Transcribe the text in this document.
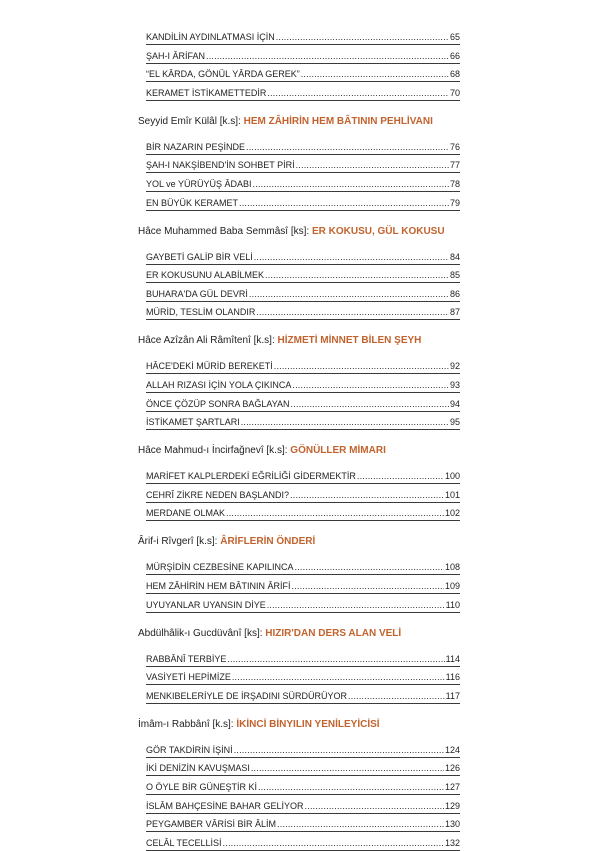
KANDİLİN AYDINLATMASI İÇİN .....	65
ŞAH-I ÂRİFAN .....	66
“EL KÂRDA, GÖNÜL YÂRDA GEREK” .....	68
KERAMET İSTİKAMETTEDİR .....	70
Seyyid Emîr Külâl [k.s]: HEM ZÂHİRİN HEM BÂTININ PEHLİVANI
BİR NAZARIN PEŞİNDE .....	76
ŞAH-I NAKŞİBEND'İN SOHBET PİRİ .....	77
YOL ve YÜRÜYÜŞ ÂDABI .....	78
EN BÜYÜK KERAMET .....	79
Hâce Muhammed Baba Semmâsî [ks]: ER KOKUSU, GÜL KOKUSU
GAYBETİ GALİP BİR VELİ .....	84
ER KOKUSUNU ALABİLMEK .....	85
BUHARA'DA GÜL DEVRİ .....	86
MÜRİD, TESLİM OLANDIR .....	87
Hâce Azîzân Ali Râmîtenî [k.s]: HİZMETİ MİNNET BİLEN ŞEYH
HÂCE'DEKİ MÜRİD BEREKETİ .....	92
ALLAH RIZASI İÇİN YOLA ÇIKINCA .....	93
ÖNCE ÇÖZÜP SONRA BAĞLAYAN .....	94
İSTİKAMET ŞARTLARI .....	95
Hâce Mahmud-ı İncirfağnevî [k.s]: GÖNÜLLER MİMARI
MARİFET KALPLERDEKİ EĞRİLİĞİ GİDERMEKTİR .....	100
CEHRÎ ZİKRE NEDEN BAŞLANDI? .....	101
MERDANE OLMAK .....	102
Ârif-i Rîvgerî [k.s]: ÂRİFLERİN ÖNDERİ
MÜRŞİDİN CEZBESİNE KAPILINCA .....	108
HEM ZÂHİRİN HEM BÂTININ ÂRİFİ .....	109
UYUYANLAR UYANSIN DİYE .....	110
Abdülhâlik-ı Gucdüvânî [ks]: HIZIR'DAN DERS ALAN VELİ
RABBÂNÎ TERBİYE .....	114
VASİYETİ HEPİMİZE .....	116
MENKIBELERİYLE DE İRŞADINI SÜRDÜRÜYOR .....	117
İmâm-ı Rabbânî [k.s]: İKİNCİ BİNYILIN YENİLEYİCİSİ
GÖR TAKDİRİN İŞİNİ .....	124
İKİ DENİZİN KAVUŞMASI .....	126
O ÖYLE BİR GÜNEŞTİR Kİ .....	127
İSLÂM BAHÇESİNE BAHAR GELİYOR .....	129
PEYGAMBER VÂRİSİ BİR ÂLİM .....	130
CELÂL TECELLİSİ .....	132
